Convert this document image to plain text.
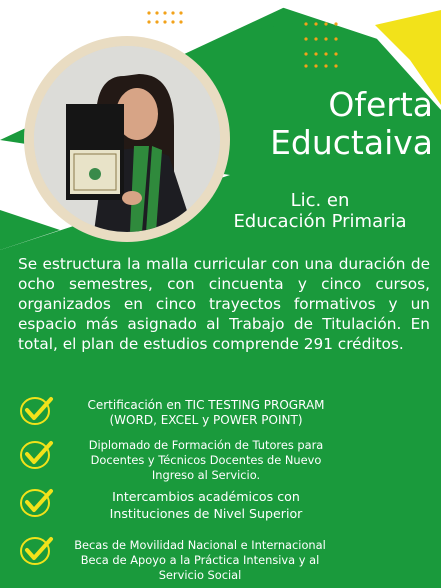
Oferta
Eductaiva
Lic. en
Educación Primaria
Se estructura la malla curricular con una duración de ocho semestres, con cincuenta y cinco cursos, organizados en cinco trayectos formativos y un espacio más asignado al Trabajo de Titulación. En total, el plan de estudios comprende 291 créditos.
Certificación en TIC TESTING PROGRAM
(WORD, EXCEL y POWER POINT)
Diplomado de Formación de Tutores para
Docentes y Técnicos Docentes de Nuevo
Ingreso al Servicio.
Intercambios académicos con
Instituciones de Nivel Superior
Becas de Movilidad Nacional e Internacional
Beca de Apoyo a la Práctica Intensiva y al
Servicio Social
